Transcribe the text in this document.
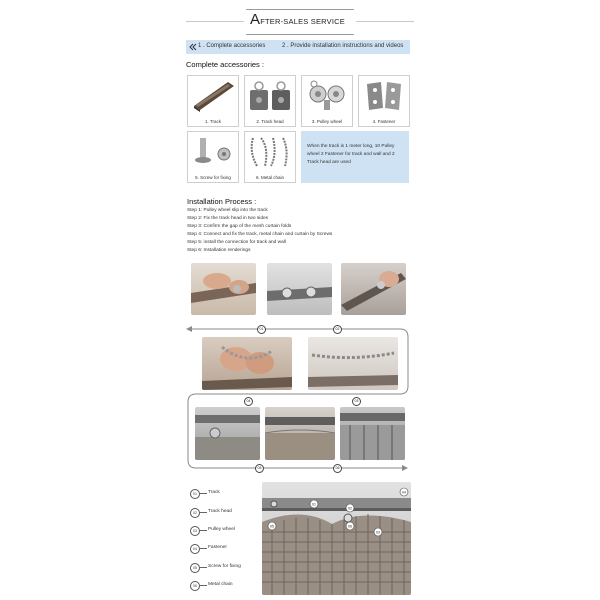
AFTER-SALES SERVICE
1 . Complete accessories	2 . Provide installation instructions and videos
Complete accessories :
1. Track	2. Track head	3. Pulley wheel	4. Fastener
5. Screw for fixing	6. Metal chain
When the track is 1 meter long, 10 Pulley wheel 2 Fastener for track and wall and 2 Track head are used
Installation Process :
Step 1: Pulley wheel slip into the track
Step 2: Fix the track head in two sides
Step 3: Confirm the gap of the mesh curtain folds
Step 4: Connect and fix the track, metal chain and curtain by Screws
Step 5: install the connection for track and wall
Step 6: Installation renderings
01	02
04	03
05	06
01	Track
02	Track head
03	Pulley wheel
04	Fastener
05	Screw for fixing
06	Metal chain
01
04
05
02
03
06
